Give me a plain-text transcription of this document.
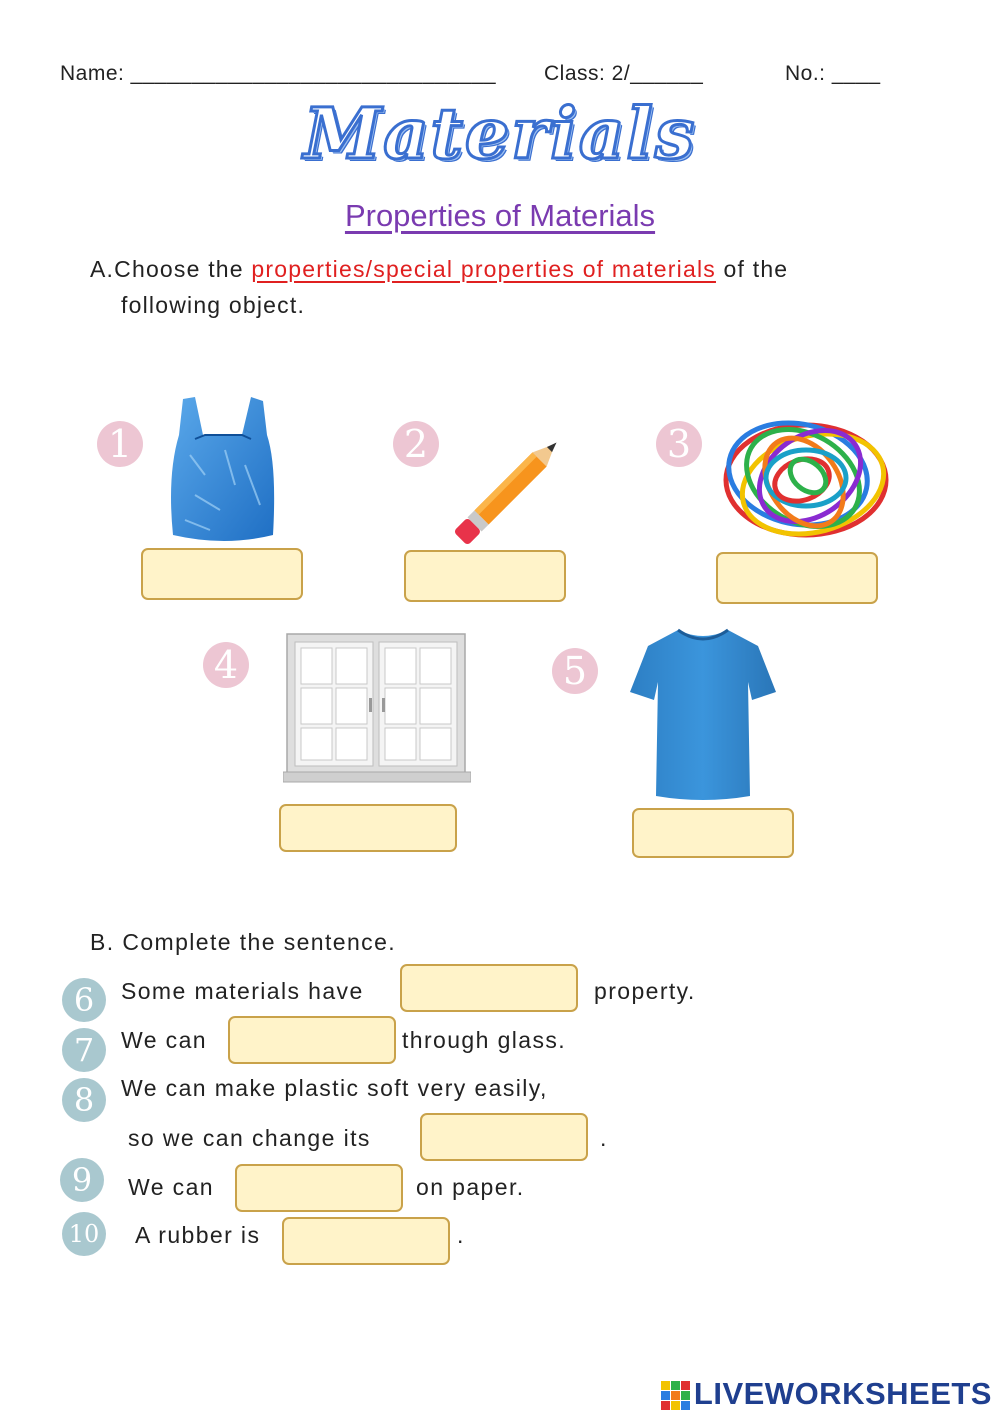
Name: ______________________________ Class: 2/______	No.: ____
Materials
Properties of Materials
A.Choose the properties/special properties of materials of the
following object.
1	2	3
4	5
B. Complete the sentence.
6	Some materials have	property.
7	We can	through glass.
8	We can make plastic soft very easily,
so we can change its	.
9	We can	on paper.
10 A rubber is	.
LIVEWORKSHEETS
